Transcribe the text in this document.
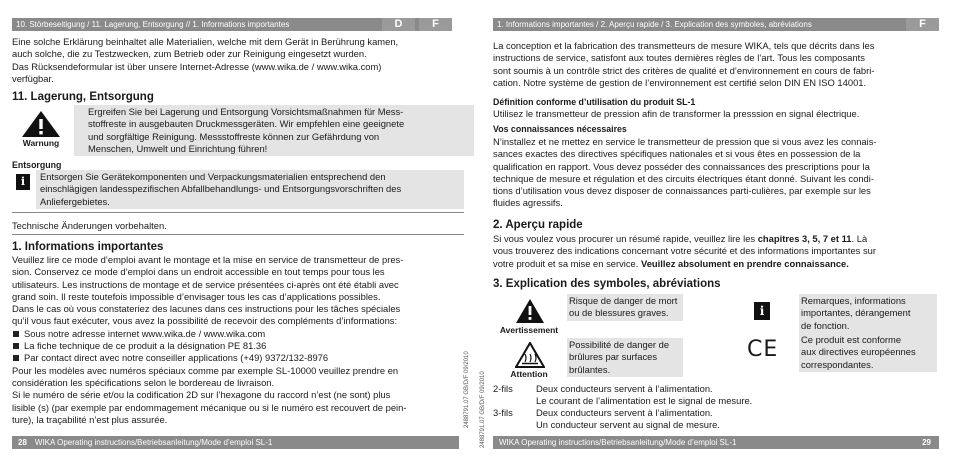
10. Störbeseitigung / 11. Lagerung, Entsorgung // 1. Informations importantes	D	F
Eine solche Erklärung beinhaltet alle Materialien, welche mit dem Gerät in Berührung kamen,
auch solche, die zu Testzwecken, zum Betrieb oder zur Reinigung eingesetzt wurden.
Das Rücksendeformular ist über unsere Internet-Adresse (www.wika.de / www.wika.com)
verfügbar.
11. Lagerung, Entsorgung
Warnung
Ergreifen Sie bei Lagerung und Entsorgung Vorsichtsmaßnahmen für Mess-
stoffreste in ausgebauten Druckmessgeräten. Wir empfehlen eine geeignete
und sorgfältige Reinigung. Messstoffreste können zur Gefährdung von
Menschen, Umwelt und Einrichtung führen!
Entsorgung
i	Entsorgen Sie Gerätekomponenten und Verpackungsmaterialien entsprechend den
einschlägigen landesspezifischen Abfallbehandlungs- und Entsorgungsvorschriften des
Anliefergebietes.
Technische Änderungen vorbehalten.
1. Informations importantes
Veuillez lire ce mode d’emploi avant le montage et la mise en service de transmetteur de pres-
sion. Conservez ce mode d’emploi dans un endroit accessible en tout temps pour tous les
utilisateurs. Les instructions de montage et de service présentées ci-après ont été établi avec
grand soin. Il reste toutefois impossible d’envisager tous les cas d’applications possibles.
Dans le cas où vous constateriez des lacunes dans ces instructions pour les tâches spéciales
qu’il vous faut exécuter, vous avez la possibilité de recevoir des compléments d’informations:
Sous notre adresse internet www.wika.de / www.wika.com
La fiche technique de ce produit a la désignation PE 81.36
Par contact direct avec notre conseiller applications (+49) 9372/132-8976
Pour les modèles avec numéros spéciaux comme par exemple SL-10000 veuillez prendre en
considération les spécifications selon le bordereau de livraison.
Si le numéro de série et/ou la codification 2D sur l’hexagone du raccord n’est (ne sont) plus
lisible (s) (par exemple par endommagement mécanique ou si le numéro est recouvert de pein-
ture), la traçabilité n’est plus assurée.	2488791.07 GB/D/F 09/2010
28 WIKA Operating instructions/Betriebsanleitung/Mode d’emploi SL-1
1. Informations importantes / 2. Aperçu rapide / 3. Explication des symboles, abréviations	F
La conception et la fabrication des transmetteurs de mesure WIKA, tels que décrits dans les
instructions de service, satisfont aux toutes dernières règles de l’art. Tous les composants
sont soumis à un contrôle strict des critères de qualité et d’environnement en cours de fabri-
cation. Notre système de gestion de l’environnement est certifié selon DIN EN ISO 14001.
Définition conforme d’utilisation du produit SL-1
Utilisez le transmetteur de pression afin de transformer la presssion en signal électrique.
Vos connaissances nécessaires
N’installez et ne mettez en service le transmetteur de pression que si vous avez les connais-
sances exactes des directives spécifiques nationales et si vous êtes en possession de la
qualification en rapport. Vous devez posséder des connaissances des prescriptions pour la
technique de mesure et régulation et des circuits électriques étant donné. Suivant les condi-
tions d’utilisation vous devez disposer de connaissances parti-culières, par exemple sur les
fluides agressifs.
2. Aperçu rapide
Si vous voulez vous procurer un résumé rapide, veuillez lire les chapitres 3, 5, 7 et 11. Là
vous trouverez des indications concernant votre sécurité et des informations importantes sur
votre produit et sa mise en service. Veuillez absolument en prendre connaissance.
3. Explication des symboles, abréviations
Avertissement
Risque de danger de mort
ou de blessures graves.
Attention
Possibilité de danger de
brûlures par surfaces
brûlantes.
i
Remarques, informations
importantes, dérangement
de fonction.
CE Ce produit est conforme
aux directives européennes
correspondantes.
2-fils Deux conducteurs servent à l’alimentation.
Le courant de l’alimentation est le signal de mesure.
3-fils Deux conducteurs servent à l’alimentation.
Un conducteur servent au signal de mesure.
2488791.07 GB/D/F 09/2010	WIKA Operating instructions/Betriebsanleitung/Mode d’emploi SL-1	29
